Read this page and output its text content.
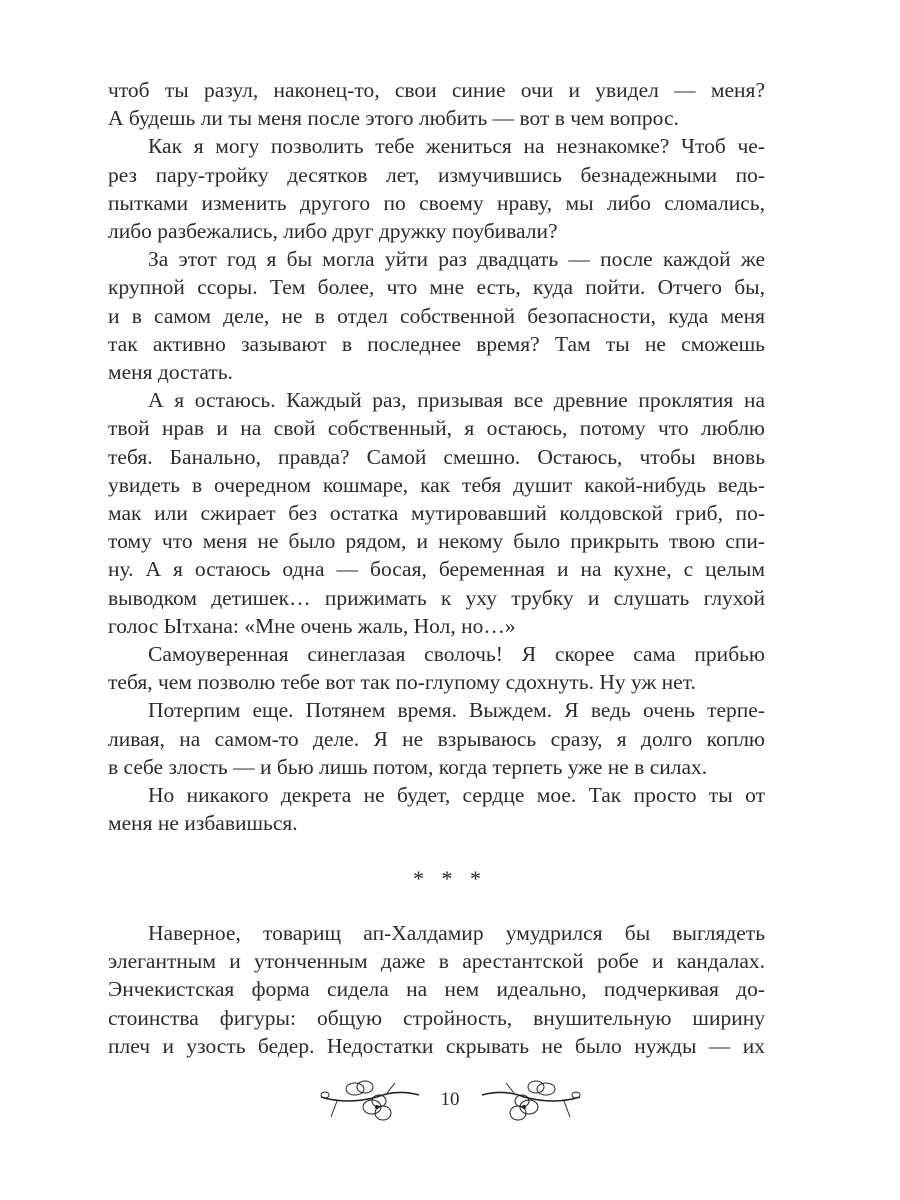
чтоб ты разул, наконец-то, свои синие очи и увидел — меня?
А будешь ли ты меня после этого любить — вот в чем вопрос.
Как я могу позволить тебе жениться на незнакомке? Чтоб че-
рез пару-тройку десятков лет, измучившись безнадежными по-
пытками изменить другого по своему нраву, мы либо сломались,
либо разбежались, либо друг дружку поубивали?
За этот год я бы могла уйти раз двадцать — после каждой же
крупной ссоры. Тем более, что мне есть, куда пойти. Отчего бы,
и в самом деле, не в отдел собственной безопасности, куда меня
так активно зазывают в последнее время? Там ты не сможешь
меня достать.
А я остаюсь. Каждый раз, призывая все древние проклятия на
твой нрав и на свой собственный, я остаюсь, потому что люблю
тебя. Банально, правда? Самой смешно. Остаюсь, чтобы вновь
увидеть в очередном кошмаре, как тебя душит какой-нибудь ведь-
мак или сжирает без остатка мутировавший колдовской гриб, по-
тому что меня не было рядом, и некому было прикрыть твою спи-
ну. А я остаюсь одна — босая, беременная и на кухне, с целым
выводком детишек… прижимать к уху трубку и слушать глухой
голос Ытхана: «Мне очень жаль, Нол, но…»
Самоуверенная синеглазая сволочь! Я скорее сама прибью
тебя, чем позволю тебе вот так по-глупому сдохнуть. Ну уж нет.
Потерпим еще. Потянем время. Выждем. Я ведь очень терпе-
ливая, на самом-то деле. Я не взрываюсь сразу, я долго коплю
в себе злость — и бью лишь потом, когда терпеть уже не в силах.
Но никакого декрета не будет, сердце мое. Так просто ты от
меня не избавишься.
Наверное, товарищ ап-Халдамир умудрился бы выглядеть
элегантным и утонченным даже в арестантской робе и кандалах.
Энчекистская форма сидела на нем идеально, подчеркивая до-
стоинства фигуры: общую стройность, внушительную ширину
плеч и узость бедер. Недостатки скрывать не было нужды — их
* * *
10
